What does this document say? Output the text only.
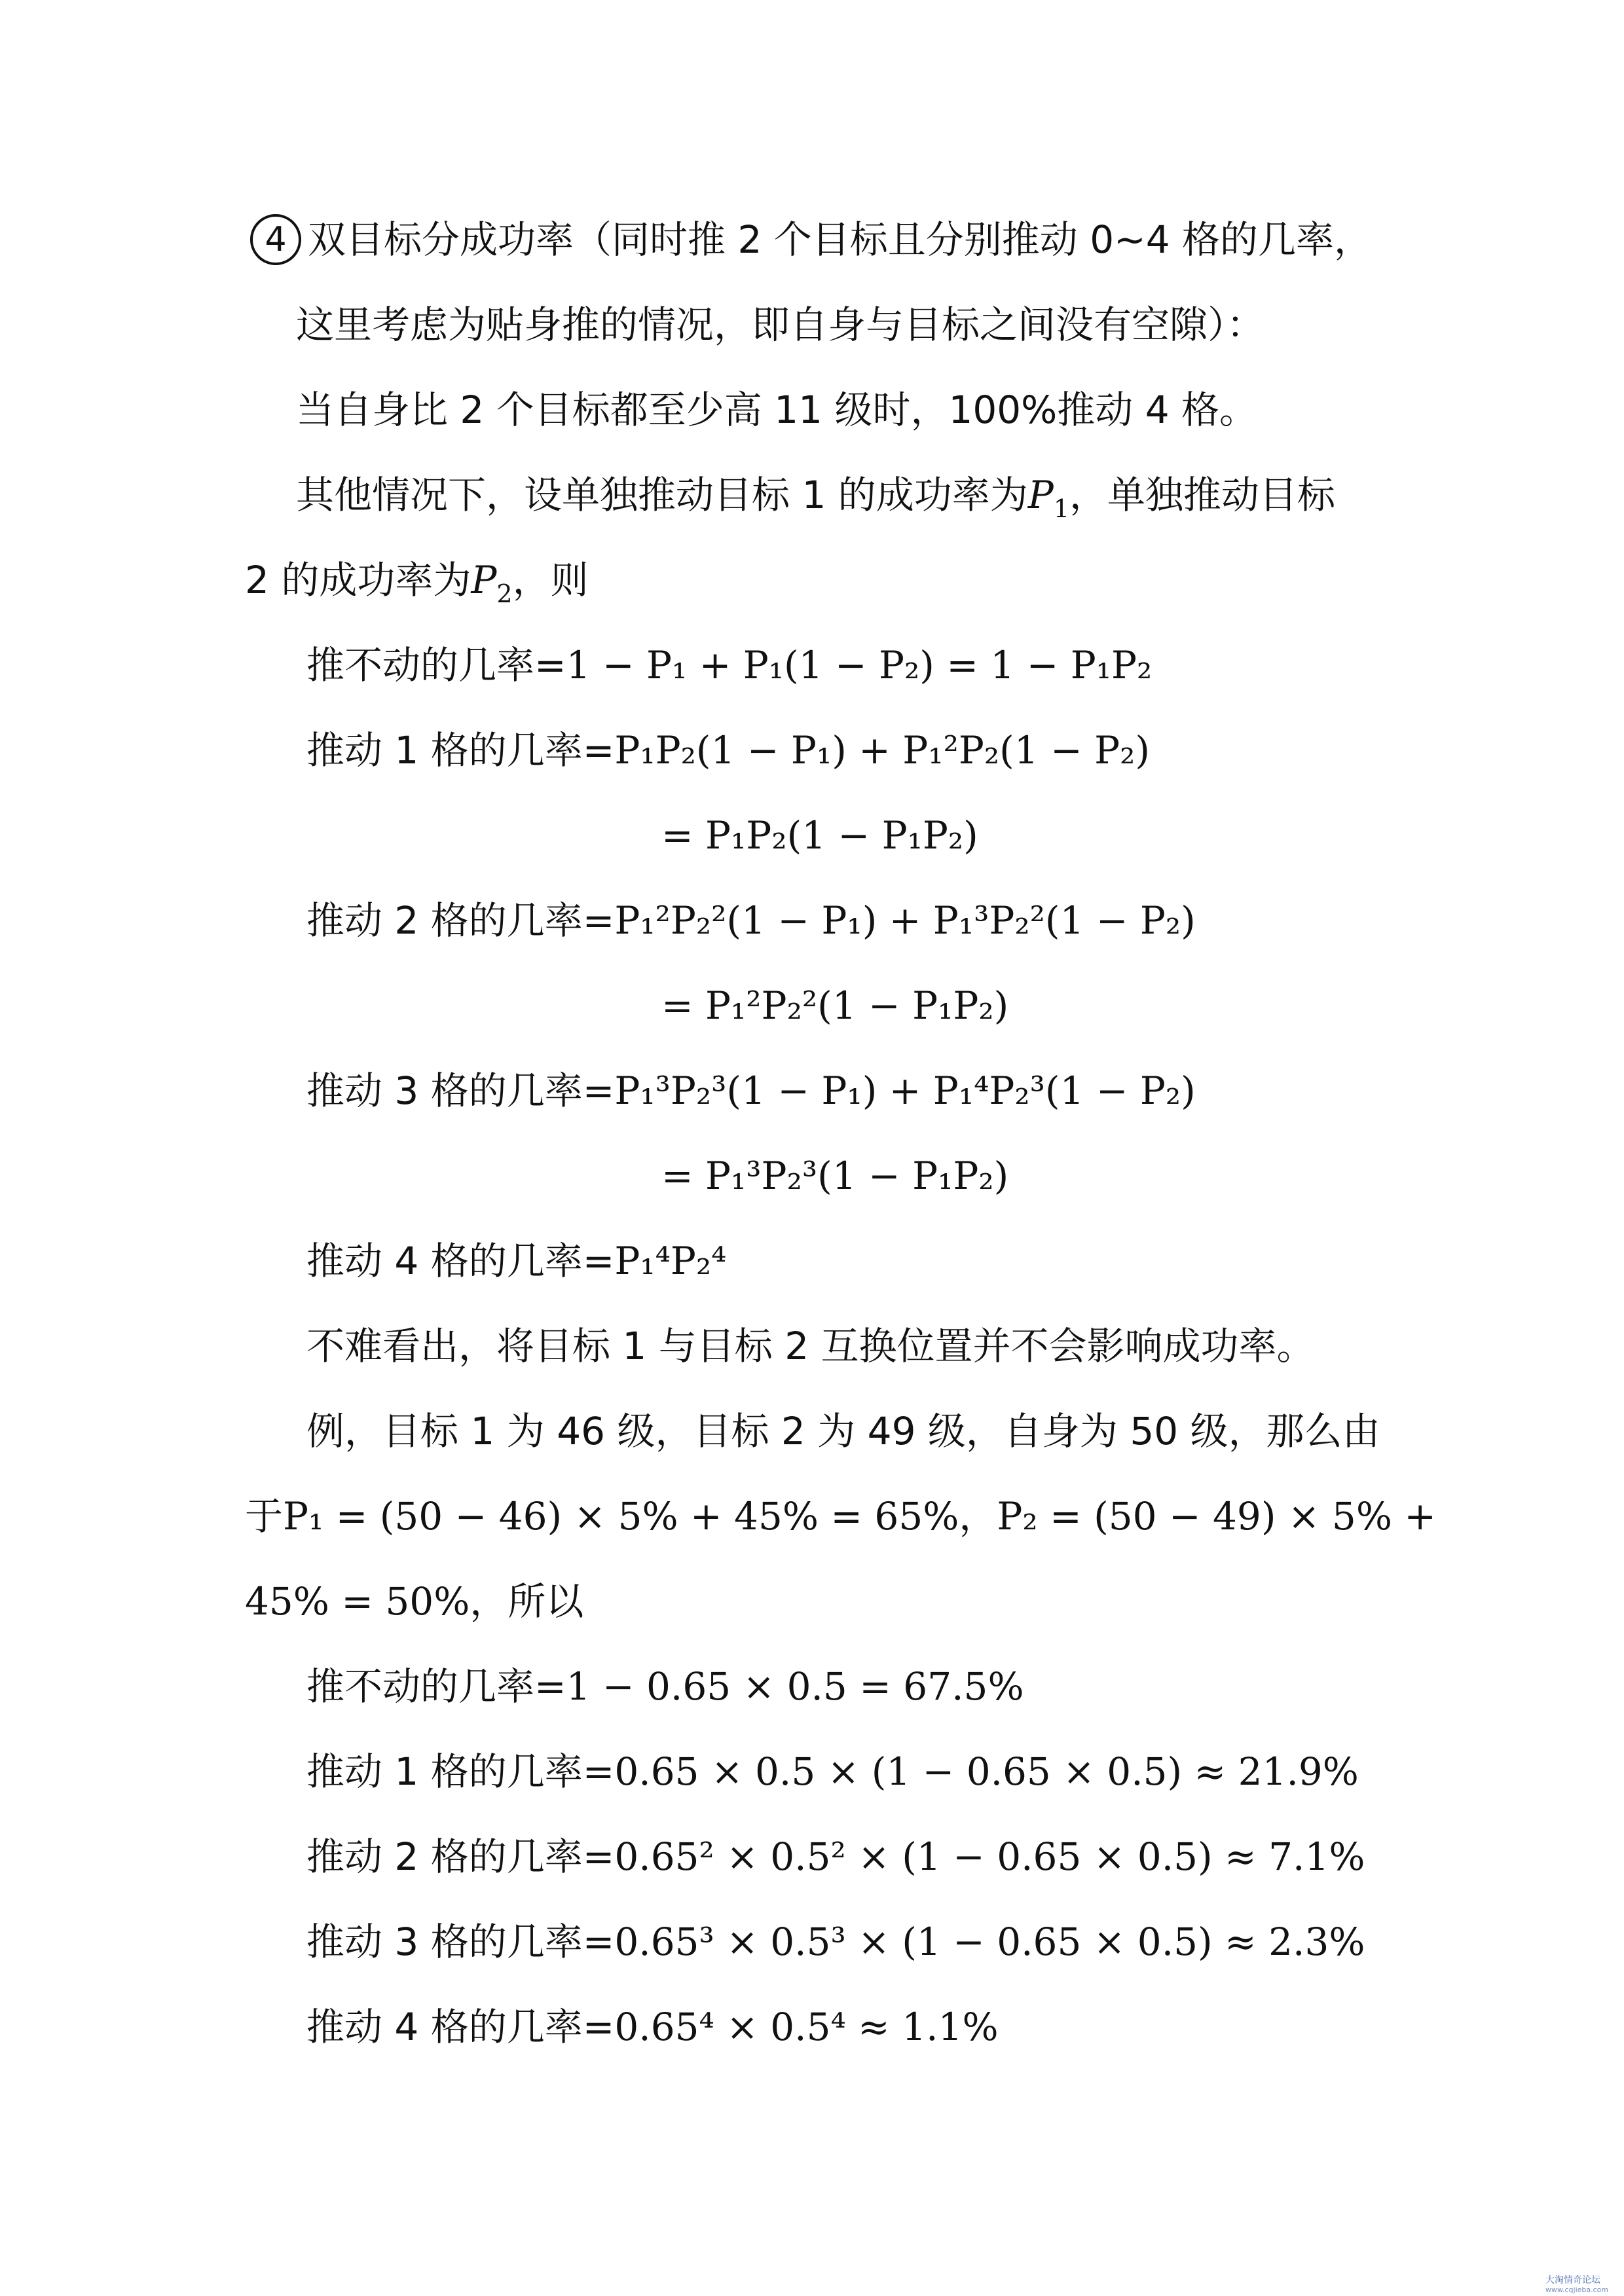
4 双目标分成功率（同时推 2 个目标且分别推动 0~4 格的几率，
这里考虑为贴身推的情况，即自身与目标之间没有空隙）：
当自身比 2 个目标都至少高 11 级时，100%推动 4 格。
其他情况下，设单独推动目标 1 的成功率为$P_1$，单独推动目标
2 的成功率为$P_2$，则
推不动的几率=1 − P₁ + P₁(1 − P₂) = 1 − P₁P₂
推动 1 格的几率=P₁P₂(1 − P₁) + P₁²P₂(1 − P₂)
= P₁P₂(1 − P₁P₂)
推动 2 格的几率=P₁²P₂²(1 − P₁) + P₁³P₂²(1 − P₂)
= P₁²P₂²(1 − P₁P₂)
推动 3 格的几率=P₁³P₂³(1 − P₁) + P₁⁴P₂³(1 − P₂)
= P₁³P₂³(1 − P₁P₂)
推动 4 格的几率=P₁⁴P₂⁴
不难看出，将目标 1 与目标 2 互换位置并不会影响成功率。
例，目标 1 为 46 级，目标 2 为 49 级，自身为 50 级，那么由
于P₁ = (50 − 46) × 5% + 45% = 65%，P₂ = (50 − 49) × 5% +
45% = 50%，所以
推不动的几率=1 − 0.65 × 0.5 = 67.5%
推动 1 格的几率=0.65 × 0.5 × (1 − 0.65 × 0.5) ≈ 21.9%
推动 2 格的几率=0.65² × 0.5² × (1 − 0.65 × 0.5) ≈ 7.1%
推动 3 格的几率=0.65³ × 0.5³ × (1 − 0.65 × 0.5) ≈ 2.3%
推动 4 格的几率=0.65⁴ × 0.5⁴ ≈ 1.1%
大淘情奇论坛
www.cqjieba.com
